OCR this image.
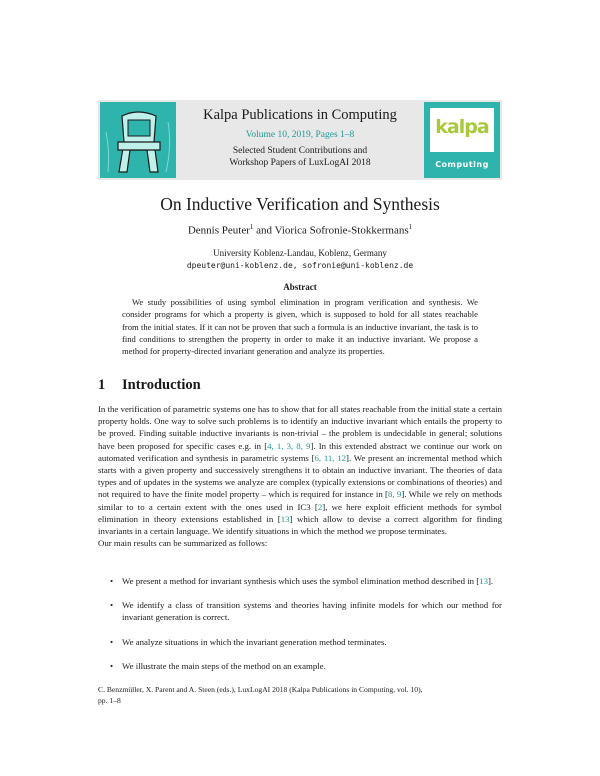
Kalpa Publications in Computing
Volume 10, 2019, Pages 1–8
Selected Student Contributions and
Workshop Papers of LuxLogAI 2018
kalpa
Computing
On Inductive Verification and Synthesis
Dennis Peuter$^1$ and Viorica Sofronie-Stokkermans$^1$
University Koblenz-Landau, Koblenz, Germany
dpeuter@uni-koblenz.de, sofronie@uni-koblenz.de
Abstract

We study possibilities of using symbol elimination in program verification and synthesis. We consider programs for which a property is given, which is supposed to hold for all states reachable from the initial states. If it can not be proven that such a formula is an inductive invariant, the task is to find conditions to strengthen the property in order to make it an inductive invariant. We propose a method for property-directed invariant generation and analyze its properties.

1 Introduction

In the verification of parametric systems one has to show that for all states reachable from the initial state a certain property holds. One way to solve such problems is to identify an inductive invariant which entails the property to be proved. Finding suitable inductive invariants is non-trivial – the problem is undecidable in general; solutions have been proposed for specific cases e.g. in [4, 1, 3, 8, 9]. In this extended abstract we continue our work on automated verification and synthesis in parametric systems [6, 11, 12]. We present an incremental method which starts with a given property and successively strengthens it to obtain an inductive invariant. The theories of data types and of updates in the systems we analyze are complex (typically extensions or combinations of theories) and not required to have the finite model property – which is required for instance in [8, 9]. While we rely on methods similar to to a certain extent with the ones used in IC3 [2], we here exploit efficient methods for symbol elimination in theory extensions established in [13] which allow to devise a correct algorithm for finding invariants in a certain language. We identify situations in which the method we propose terminates.

Our main results can be summarized as follows:

• We present a method for invariant synthesis which uses the symbol elimination method described in [13].
• We identify a class of transition systems and theories having infinite models for which our method for invariant generation is correct.
• We analyze situations in which the invariant generation method terminates.
• We illustrate the main steps of the method on an example.
C. Benzmüller, X. Parent and A. Steen (eds.), LuxLogAI 2018 (Kalpa Publications in Computing, vol. 10),
pp. 1–8
